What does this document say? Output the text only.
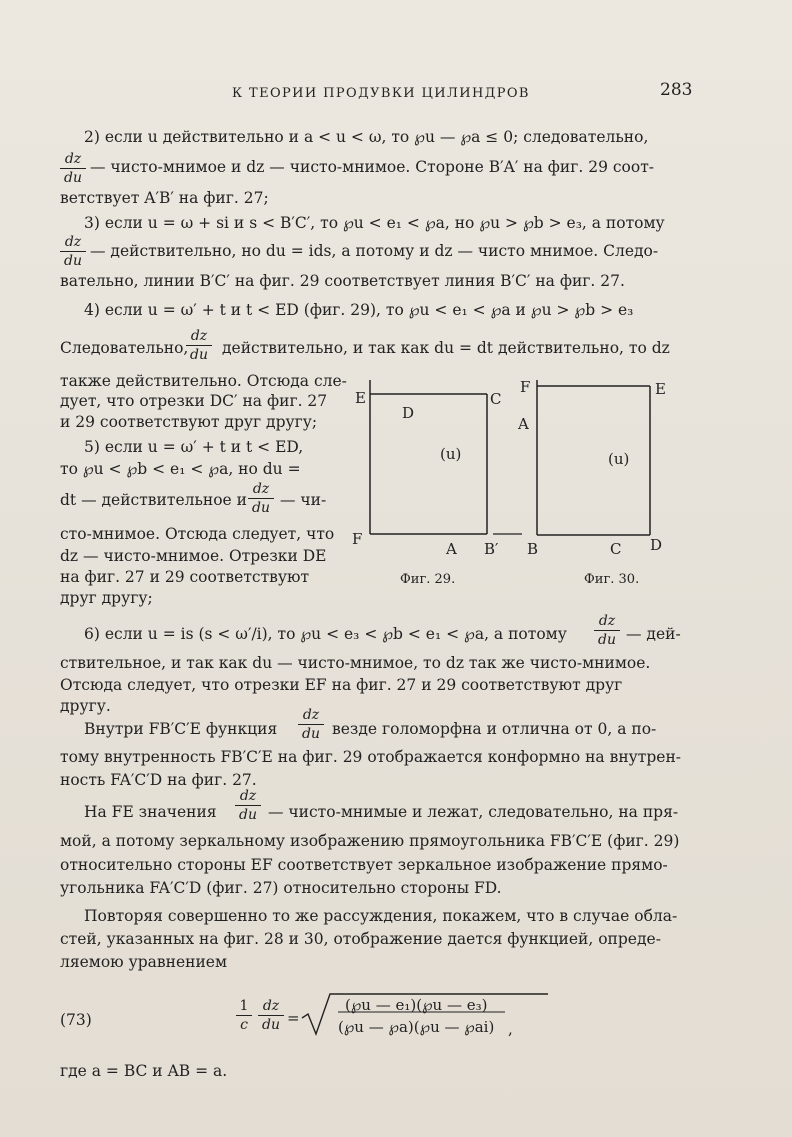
К ТЕОРИИ ПРОДУВКИ ЦИЛИНДРОВ	283
2) если u действительно и a < u < ω, то ℘u — ℘a ≤ 0; следовательно,
dz
du
— чисто-мнимое и dz — чисто-мнимое. Стороне B′A′ на фиг. 29 соот-
ветствует A′B′ на фиг. 27;
3) если u = ω + si и s < B′C′, то ℘u < e₁ < ℘a, но ℘u > ℘b > e₃, а потому
dz
du
— действительно, но du = ids, а потому и dz — чисто мнимое. Следо-
вательно, линии B′C′ на фиг. 29 соответствует линия B′C′ на фиг. 27.
4) если u = ω′ + t и t < ED (фиг. 29), то ℘u < e₁ < ℘a и ℘u > ℘b > e₃
Следовательно,
dz
du действительно, и так как du = dt действительно, то dz
также действительно. Отсюда сле-
дует, что отрезки DC′ на фиг. 27
и 29 соответствуют друг другу;
5) если u = ω′ + t и t < ED,
то ℘u < ℘b < e₁ < ℘a, но du =
dt — действительное и
dz
du — чи-
сто-мнимое. Отсюда следует, что
dz — чисто-мнимое. Отрезки DE
на фиг. 27 и 29 соответствуют
друг другу;
E
D
C
(u)
F
A B′
Фиг. 29.
F	E
A
(u)
B	C D
Фиг. 30.
6) если u = is (s < ω′/i), то ℘u < e₃ < ℘b < e₁ < ℘a, а потому
dz
du — дей-
ствительное, и так как du — чисто-мнимое, то dz так же чисто-мнимое.
Отсюда следует, что отрезки EF на фиг. 27 и 29 соответствуют друг
другу.
Внутри FB′C′E функция
dz
du везде голоморфна и отлична от 0, а по-
тому внутренность FB′C′E на фиг. 29 отображается конформно на внутрен-
ность FA′C′D на фиг. 27.
На FE значения
dz
du — чисто-мнимые и лежат, следовательно, на пря-
мой, а потому зеркальному изображению прямоугольника FB′C′E (фиг. 29)
относительно стороны EF соответствует зеркальное изображение прямо-
угольника FA′C′D (фиг. 27) относительно стороны FD.
Повторяя совершенно то же рассуждения, покажем, что в случае обла-
стей, указанных на фиг. 28 и 30, отображение дается функцией, опреде-
ляемою уравнением
(73)
1
c
dz
du =
(℘u — e₁)(℘u — e₃)
(℘u — ℘a)(℘u — ℘ai) ,
где a = BC и AB = a.
